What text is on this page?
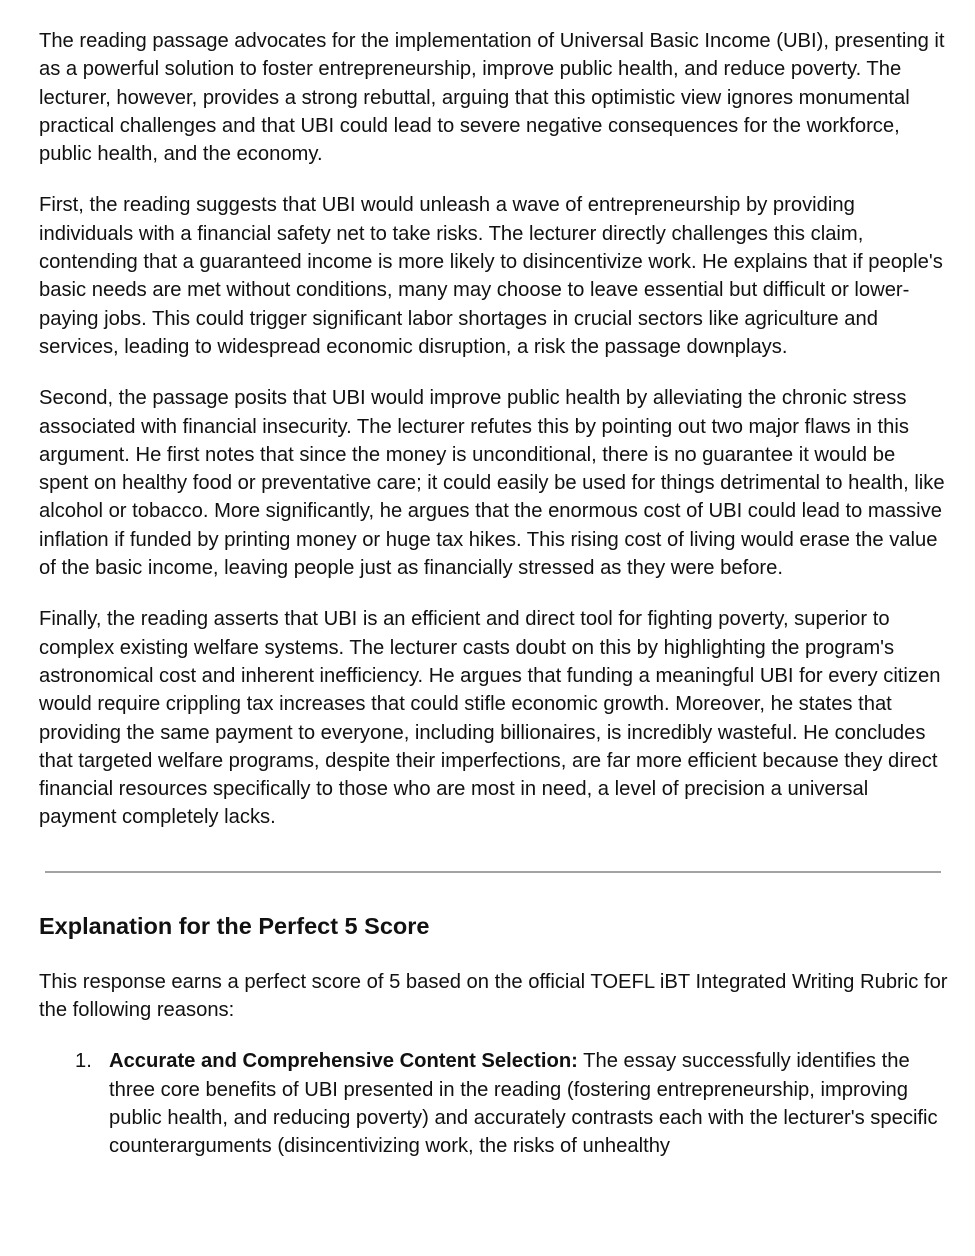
The reading passage advocates for the implementation of Universal Basic Income (UBI), presenting it as a powerful solution to foster entrepreneurship, improve public health, and reduce poverty. The lecturer, however, provides a strong rebuttal, arguing that this optimistic view ignores monumental practical challenges and that UBI could lead to severe negative consequences for the workforce, public health, and the economy.

First, the reading suggests that UBI would unleash a wave of entrepreneurship by providing individuals with a financial safety net to take risks. The lecturer directly challenges this claim, contending that a guaranteed income is more likely to disincentivize work. He explains that if people's basic needs are met without conditions, many may choose to leave essential but difficult or lower-paying jobs. This could trigger significant labor shortages in crucial sectors like agriculture and services, leading to widespread economic disruption, a risk the passage downplays.

Second, the passage posits that UBI would improve public health by alleviating the chronic stress associated with financial insecurity. The lecturer refutes this by pointing out two major flaws in this argument. He first notes that since the money is unconditional, there is no guarantee it would be spent on healthy food or preventative care; it could easily be used for things detrimental to health, like alcohol or tobacco. More significantly, he argues that the enormous cost of UBI could lead to massive inflation if funded by printing money or huge tax hikes. This rising cost of living would erase the value of the basic income, leaving people just as financially stressed as they were before.

Finally, the reading asserts that UBI is an efficient and direct tool for fighting poverty, superior to complex existing welfare systems. The lecturer casts doubt on this by highlighting the program's astronomical cost and inherent inefficiency. He argues that funding a meaningful UBI for every citizen would require crippling tax increases that could stifle economic growth. Moreover, he states that providing the same payment to everyone, including billionaires, is incredibly wasteful. He concludes that targeted welfare programs, despite their imperfections, are far more efficient because they direct financial resources specifically to those who are most in need, a level of precision a universal payment completely lacks.

Explanation for the Perfect 5 Score

This response earns a perfect score of 5 based on the official TOEFL iBT Integrated Writing Rubric for the following reasons:

1. Accurate and Comprehensive Content Selection: The essay successfully identifies the three core benefits of UBI presented in the reading (fostering entrepreneurship, improving public health, and reducing poverty) and accurately contrasts each with the lecturer's specific counterarguments (disincentivizing work, the risks of unhealthy
